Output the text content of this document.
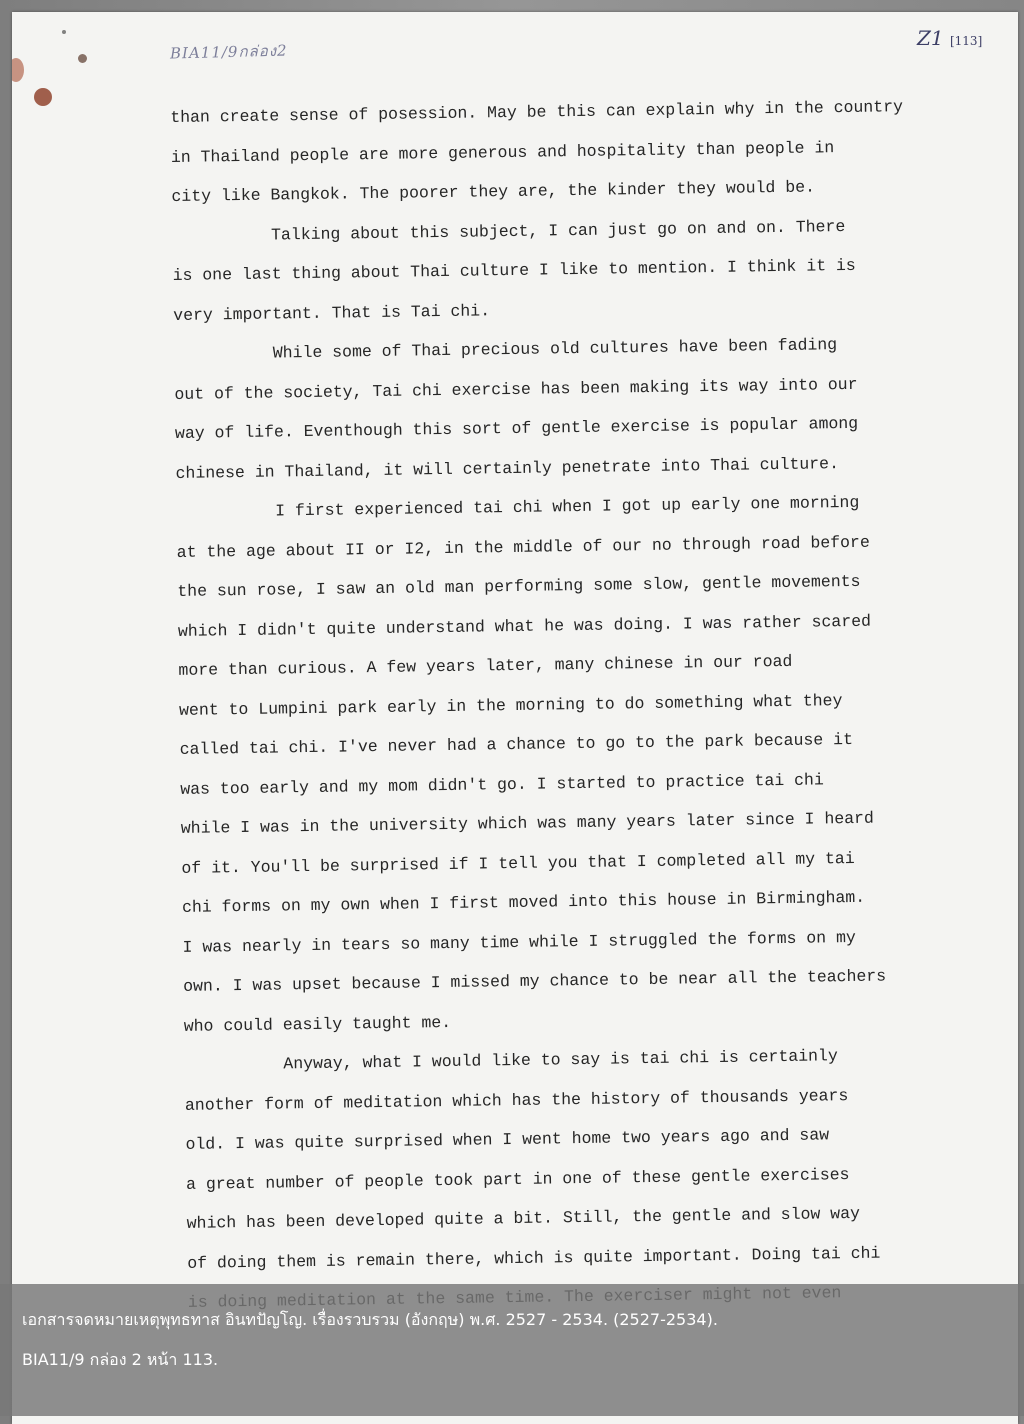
BIA11/9กล่อง2
Z1 [113]
than create sense of posession. May be this can explain why in the country
in Thailand people are more generous and hospitality than people in
city like Bangkok. The poorer they are, the kinder they would be.
Talking about this subject, I can just go on and on. There
is one last thing about Thai culture I like to mention. I think it is
very important. That is Tai chi.
While some of Thai precious old cultures have been fading
out of the society, Tai chi exercise has been making its way into our
way of life. Eventhough this sort of gentle exercise is popular among
chinese in Thailand, it will certainly penetrate into Thai culture.
I first experienced tai chi when I got up early one morning
at the age about II or I2, in the middle of our no through road before
the sun rose, I saw an old man performing some slow, gentle movements
which I didn't quite understand what he was doing. I was rather scared
more than curious. A few years later, many chinese in our road
went to Lumpini park early in the morning to do something what they
called tai chi. I've never had a chance to go to the park because it
was too early and my mom didn't go. I started to practice tai chi
while I was in the university which was many years later since I heard
of it. You'll be surprised if I tell you that I completed all my tai
chi forms on my own when I first moved into this house in Birmingham.
I was nearly in tears so many time while I struggled the forms on my
own. I was upset because I missed my chance to be near all the teachers
who could easily taught me.
Anyway, what I would like to say is tai chi is certainly
another form of meditation which has the history of thousands years
old. I was quite surprised when I went home two years ago and saw
a great number of people took part in one of these gentle exercises
which has been developed quite a bit. Still, the gentle and slow way
of doing them is remain there, which is quite important. Doing tai chi
เอกสารจดหมายเหตุพุทธทาส อินทปัญโญ. เรื่องรวบรวม (อังกฤษ) พ.ศ. 2527 - 2534. (2527-2534).
BIA11/9 กล่อง 2 หน้า 113.
